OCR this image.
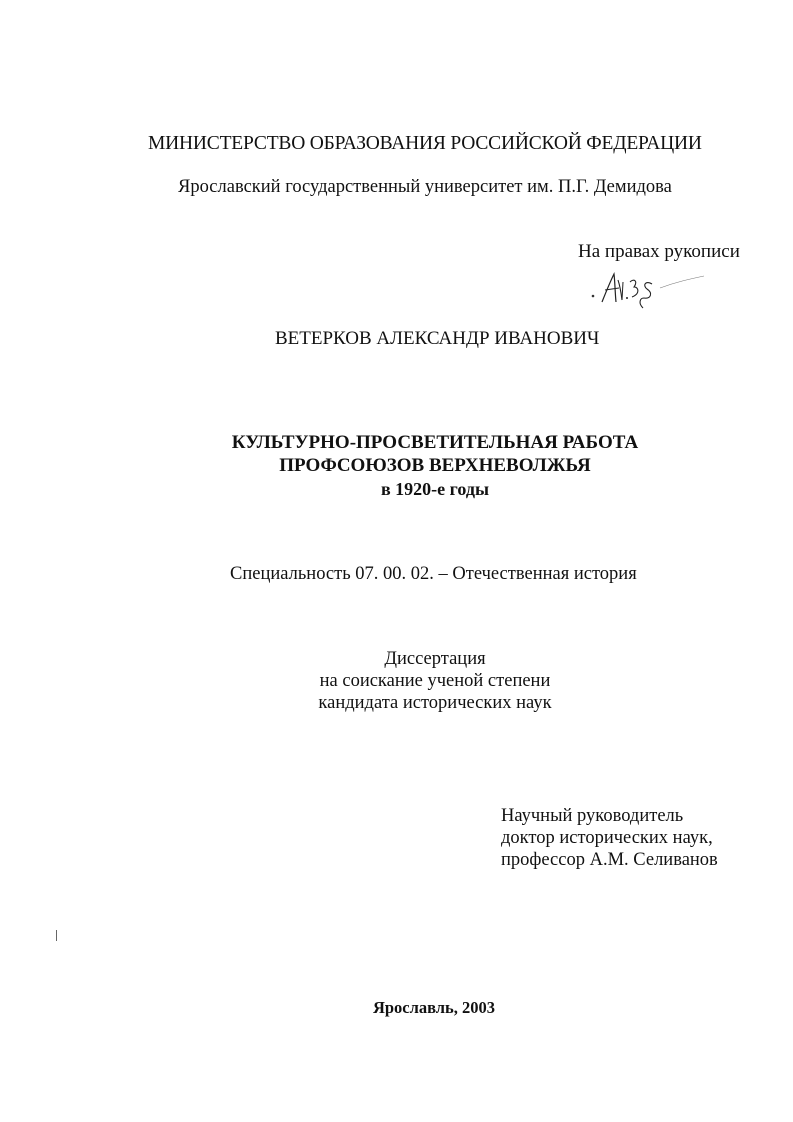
МИНИСТЕРСТВО ОБРАЗОВАНИЯ РОССИЙСКОЙ ФЕДЕРАЦИИ
Ярославский государственный университет им. П.Г. Демидова
На правах рукописи
ВЕТЕРКОВ АЛЕКСАНДР ИВАНОВИЧ
КУЛЬТУРНО-ПРОСВЕТИТЕЛЬНАЯ РАБОТА
ПРОФСОЮЗОВ ВЕРХНЕВОЛЖЬЯ
в 1920-е годы
Специальность 07. 00. 02. – Отечественная история
Диссертация
на соискание ученой степени
кандидата исторических наук
Научный руководитель
доктор исторических наук,
профессор А.М. Селиванов
Ярославль, 2003
